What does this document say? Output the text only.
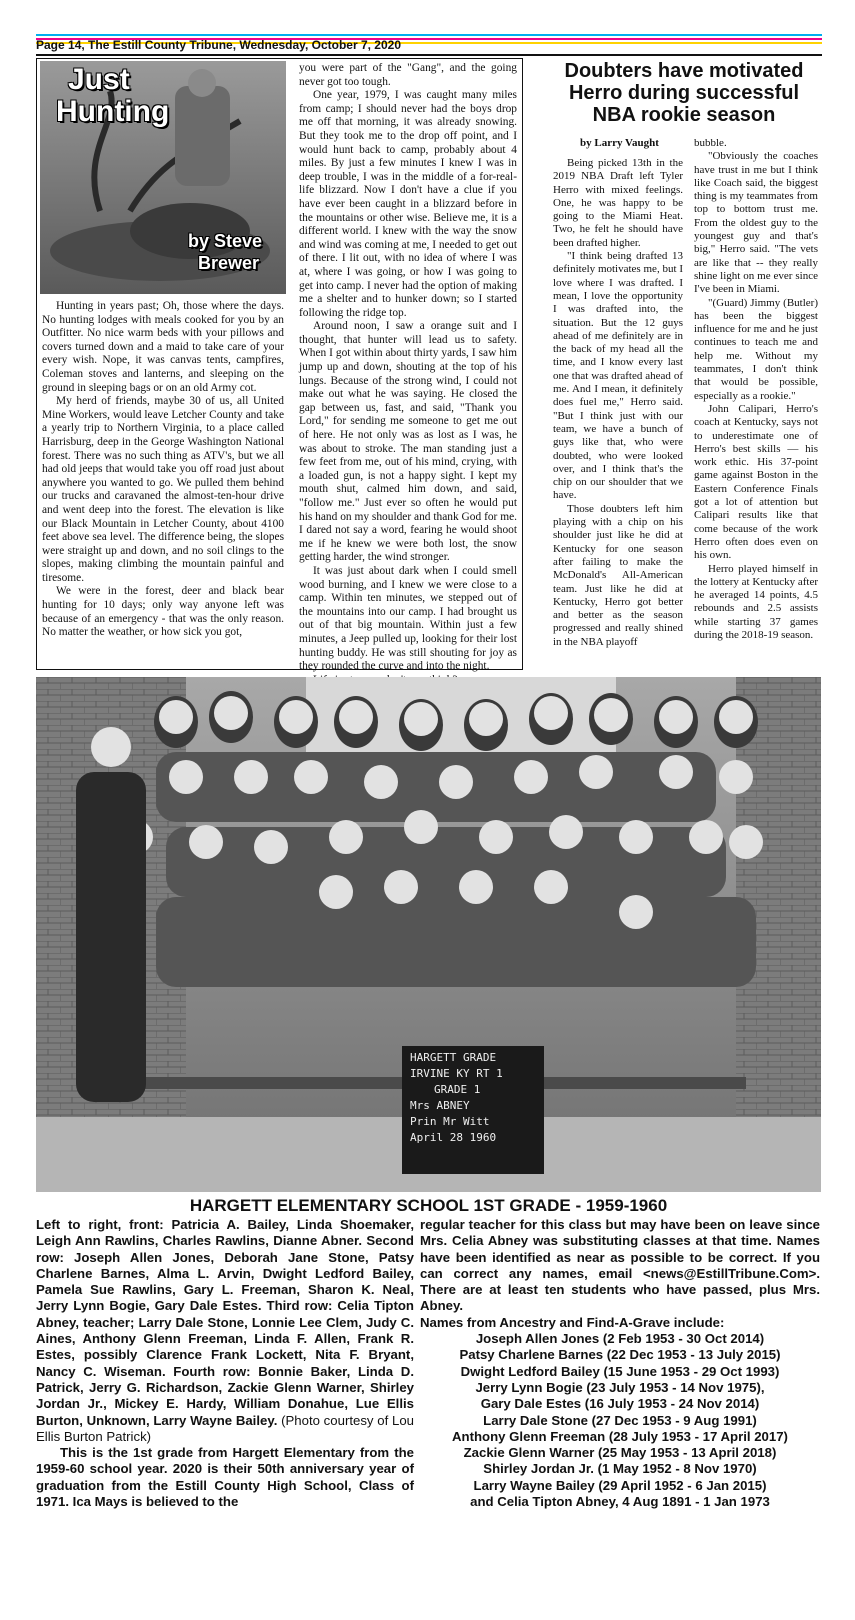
Page 14, The Estill County Tribune, Wednesday, October 7, 2020
Just
Hunting
by Steve
Brewer

Hunting in years past; Oh, those where the days. No hunting lodges with meals cooked for you by an Outfitter. No nice warm beds with your pillows and covers turned down and a maid to take care of your every wish. Nope, it was canvas tents, campfires, Coleman stoves and lanterns, and sleeping on the ground in sleeping bags or on an old Army cot.

My herd of friends, maybe 30 of us, all United Mine Workers, would leave Letcher County and take a yearly trip to Northern Virginia, to a place called Harrisburg, deep in the George Washington National forest. There was no such thing as ATV's, but we all had old jeeps that would take you off road just about anywhere you wanted to go. We pulled them behind our trucks and caravaned the almost-ten-hour drive and went deep into the forest. The elevation is like our Black Mountain in Letcher County, about 4100 feet above sea level. The difference being, the slopes were straight up and down, and no soil clings to the slopes, making climbing the mountain painful and tiresome.

We were in the forest, deer and black bear hunting for 10 days; only way anyone left was because of an emergency - that was the only reason. No matter the weather, or how sick you got,

you were part of the "Gang", and the going never got too tough.

One year, 1979, I was caught many miles from camp; I should never had the boys drop me off that morning, it was already snowing. But they took me to the drop off point, and I would hunt back to camp, probably about 4 miles. By just a few minutes I knew I was in deep trouble, I was in the middle of a for-real-life blizzard. Now I don't have a clue if you have ever been caught in a blizzard before in the mountains or other wise. Believe me, it is a different world. I knew with the way the snow and wind was coming at me, I needed to get out of there. I lit out, with no idea of where I was at, where I was going, or how I was going to get into camp. I never had the option of making me a shelter and to hunker down; so I started following the ridge top.

Around noon, I saw a orange suit and I thought, that hunter will lead us to safety. When I got within about thirty yards, I saw him jump up and down, shouting at the top of his lungs. Because of the strong wind, I could not make out what he was saying. He closed the gap between us, fast, and said, "Thank you Lord," for sending me someone to get me out of here. He not only was as lost as I was, he was about to stroke. The man standing just a few feet from me, out of his mind, crying, with a loaded gun, is not a happy sight. I kept my mouth shut, calmed him down, and said, "follow me." Just ever so often he would put his hand on my shoulder and thank God for me. I dared not say a word, fearing he would shoot me if he knew we were both lost, the snow getting harder, the wind stronger.

It was just about dark when I could smell wood burning, and I knew we were close to a camp. Within ten minutes, we stepped out of the mountains into our camp. I had brought us out of that big mountain. Within just a few minutes, a Jeep pulled up, looking for their lost hunting buddy. He was still shouting for joy as they rounded the curve and into the night.

Doubters have motivated Herro during successful NBA rookie season
by Larry Vaught

Being picked 13th in the 2019 NBA Draft left Tyler Herro with mixed feelings. One, he was happy to be going to the Miami Heat. Two, he felt he should have been drafted higher.

"I think being drafted 13 definitely motivates me, but I love where I was drafted. I mean, I love the opportunity I was drafted into, the situation. But the 12 guys ahead of me definitely are in the back of my head all the time, and I know every last one that was drafted ahead of me. And I mean, it definitely does fuel me," Herro said. "But I think just with our team, we have a bunch of guys like that, who were doubted, who were looked over, and I think that's the chip on our shoulder that we have.

Those doubters left him playing with a chip on his shoulder just like he did at Kentucky for one season after failing to make the McDonald's All-American team. Just like he did at Kentucky, Herro got better and better as the season progressed and really shined in the NBA playoff

bubble.

"Obviously the coaches have trust in me but I think like Coach said, the biggest thing is my teammates from top to bottom trust me. From the oldest guy to the youngest guy and that's big," Herro said. "The vets are like that -- they really shine light on me ever since I've been in Miami.

"(Guard) Jimmy (Butler) has been the biggest influence for me and he just continues to teach me and help me. Without my teammates, I don't think that would be possible, especially as a rookie."

John Calipari, Herro's coach at Kentucky, says not to underestimate one of Herro's best skills — his work ethic. His 37-point game against Boston in the Eastern Conference Finals got a lot of attention but Calipari results like that come because of the work Herro often does even on his own.

Herro played himself in the lottery at Kentucky after he averaged 14 points, 4.5 rebounds and 2.5 assists while starting 37 games during the 2018-19 season.

HARGETT GRADE
IRVINE KY RT 1
GRADE 1
Mrs ABNEY
Prin Mr Witt
April 28 1960
HARGETT ELEMENTARY SCHOOL 1ST GRADE - 1959-1960
Left to right, front: Patricia A. Bailey, Linda Shoemaker, Leigh Ann Rawlins, Charles Rawlins, Dianne Abner. Second row: Joseph Allen Jones, Deborah Jane Stone, Patsy Charlene Barnes, Alma L. Arvin, Dwight Ledford Bailey, Pamela Sue Rawlins, Gary L. Freeman, Sharon K. Neal, Jerry Lynn Bogie, Gary Dale Estes. Third row: Celia Tipton Abney, teacher; Larry Dale Stone, Lonnie Lee Clem, Judy C. Aines, Anthony Glenn Freeman, Linda F. Allen, Frank R. Estes, possibly Clarence Frank Lockett, Nita F. Bryant, Nancy C. Wiseman. Fourth row: Bonnie Baker, Linda D. Patrick, Jerry G. Richardson, Zackie Glenn Warner, Shirley Jordan Jr., Mickey E. Hardy, William Donahue, Lue Ellis Burton, Unknown, Larry Wayne Bailey. (Photo courtesy of Lou Ellis Burton Patrick)
This is the 1st grade from Hargett Elementary from the 1959-60 school year. 2020 is their 50th anniversary year of graduation from the Estill County High School, Class of 1971. Ica Mays is believed to the
regular teacher for this class but may have been on leave since Mrs. Celia Abney was substituting classes at that time. Names have been identified as near as possible to be correct. If you can correct any names, email <news@EstillTribune.Com>. There are at least ten students who have passed, plus Mrs. Abney.
Names from Ancestry and Find-A-Grave include:
Joseph Allen Jones (2 Feb 1953 - 30 Oct 2014)
Patsy Charlene Barnes (22 Dec 1953 - 13 July 2015)
Dwight Ledford Bailey (15 June 1953 - 29 Oct 1993)
Jerry Lynn Bogie (23 July 1953 - 14 Nov 1975),
Gary Dale Estes (16 July 1953 - 24 Nov 2014)
Larry Dale Stone (27 Dec 1953 - 9 Aug 1991)
Anthony Glenn Freeman (28 July 1953 - 17 April 2017)
Zackie Glenn Warner (25 May 1953 - 13 April 2018)
Shirley Jordan Jr. (1 May 1952 - 8 Nov 1970)
Larry Wayne Bailey (29 April 1952 - 6 Jan 2015)
and Celia Tipton Abney, 4 Aug 1891 - 1 Jan 1973
